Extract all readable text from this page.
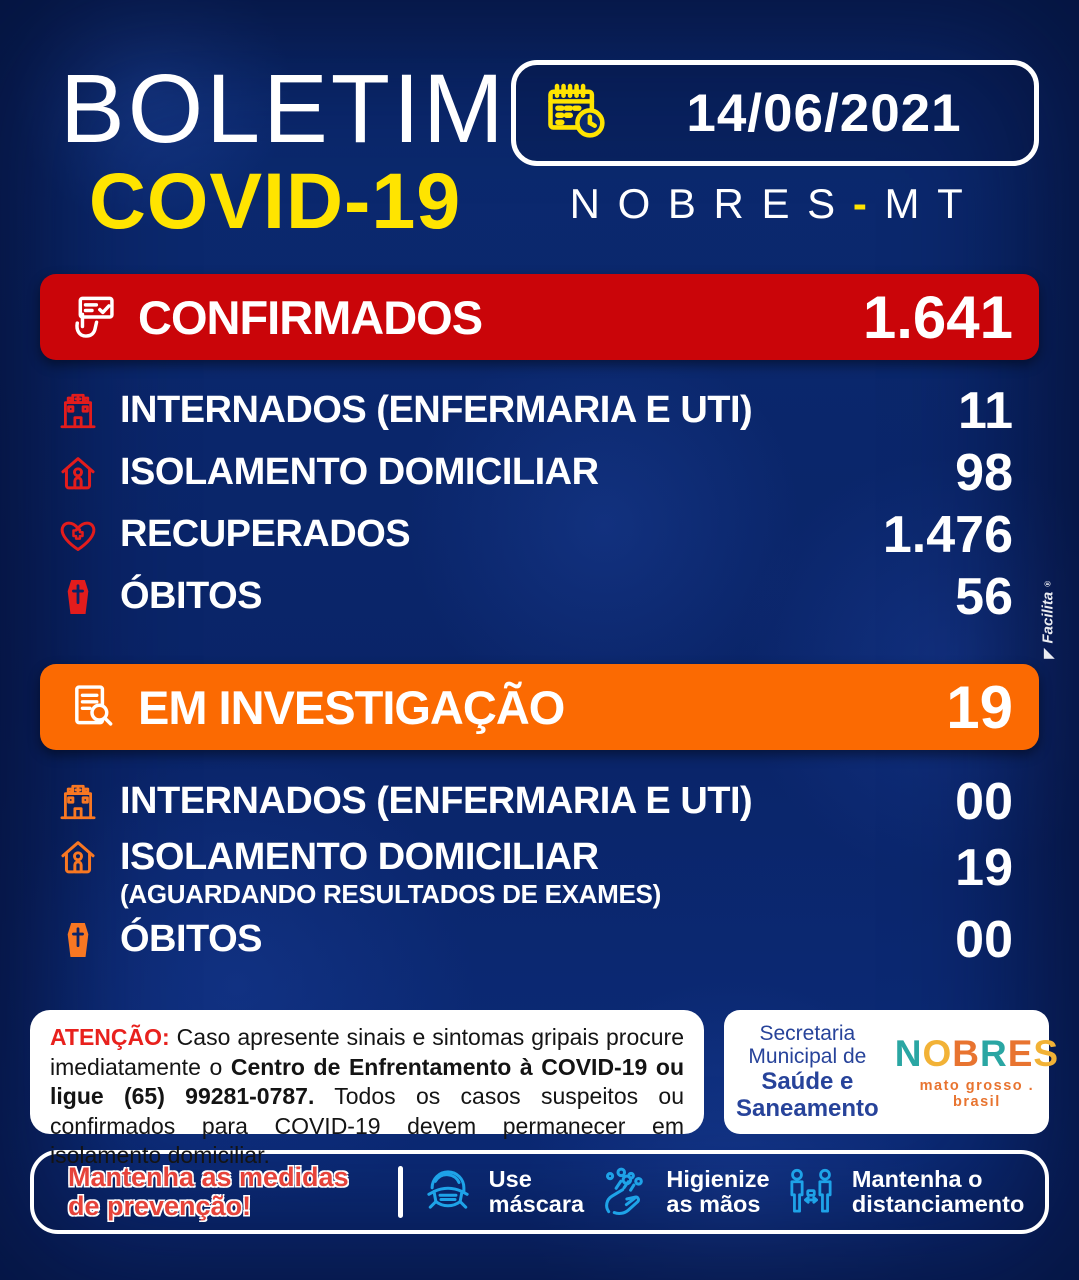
BOLETIM
COVID-19
14/06/2021
NOBRES-MT
CONFIRMADOS	1.641
INTERNADOS (ENFERMARIA E UTI)	11
ISOLAMENTO DOMICILIAR	98
RECUPERADOS	1.476
ÓBITOS	56
EM INVESTIGAÇÃO	19
INTERNADOS (ENFERMARIA E UTI)	00
ISOLAMENTO DOMICILIAR
(AGUARDANDO RESULTADOS DE EXAMES)	19
ÓBITOS	00
ATENÇÃO: Caso apresente sinais e sintomas gripais procure imediatamente o Centro de Enfrentamento à COVID-19 ou ligue (65) 99281-0787. Todos os casos suspeitos ou confirmados para COVID-19 devem permanecer em isolamento domiciliar.
Secretaria
Municipal de
Saúde e
Saneamento
NOBRES
mato grosso . brasil
Mantenha as medidas
de prevenção!
Use
máscara
Higienize
as mãos
Mantenha o
distanciamento
◤
Facilita
®
